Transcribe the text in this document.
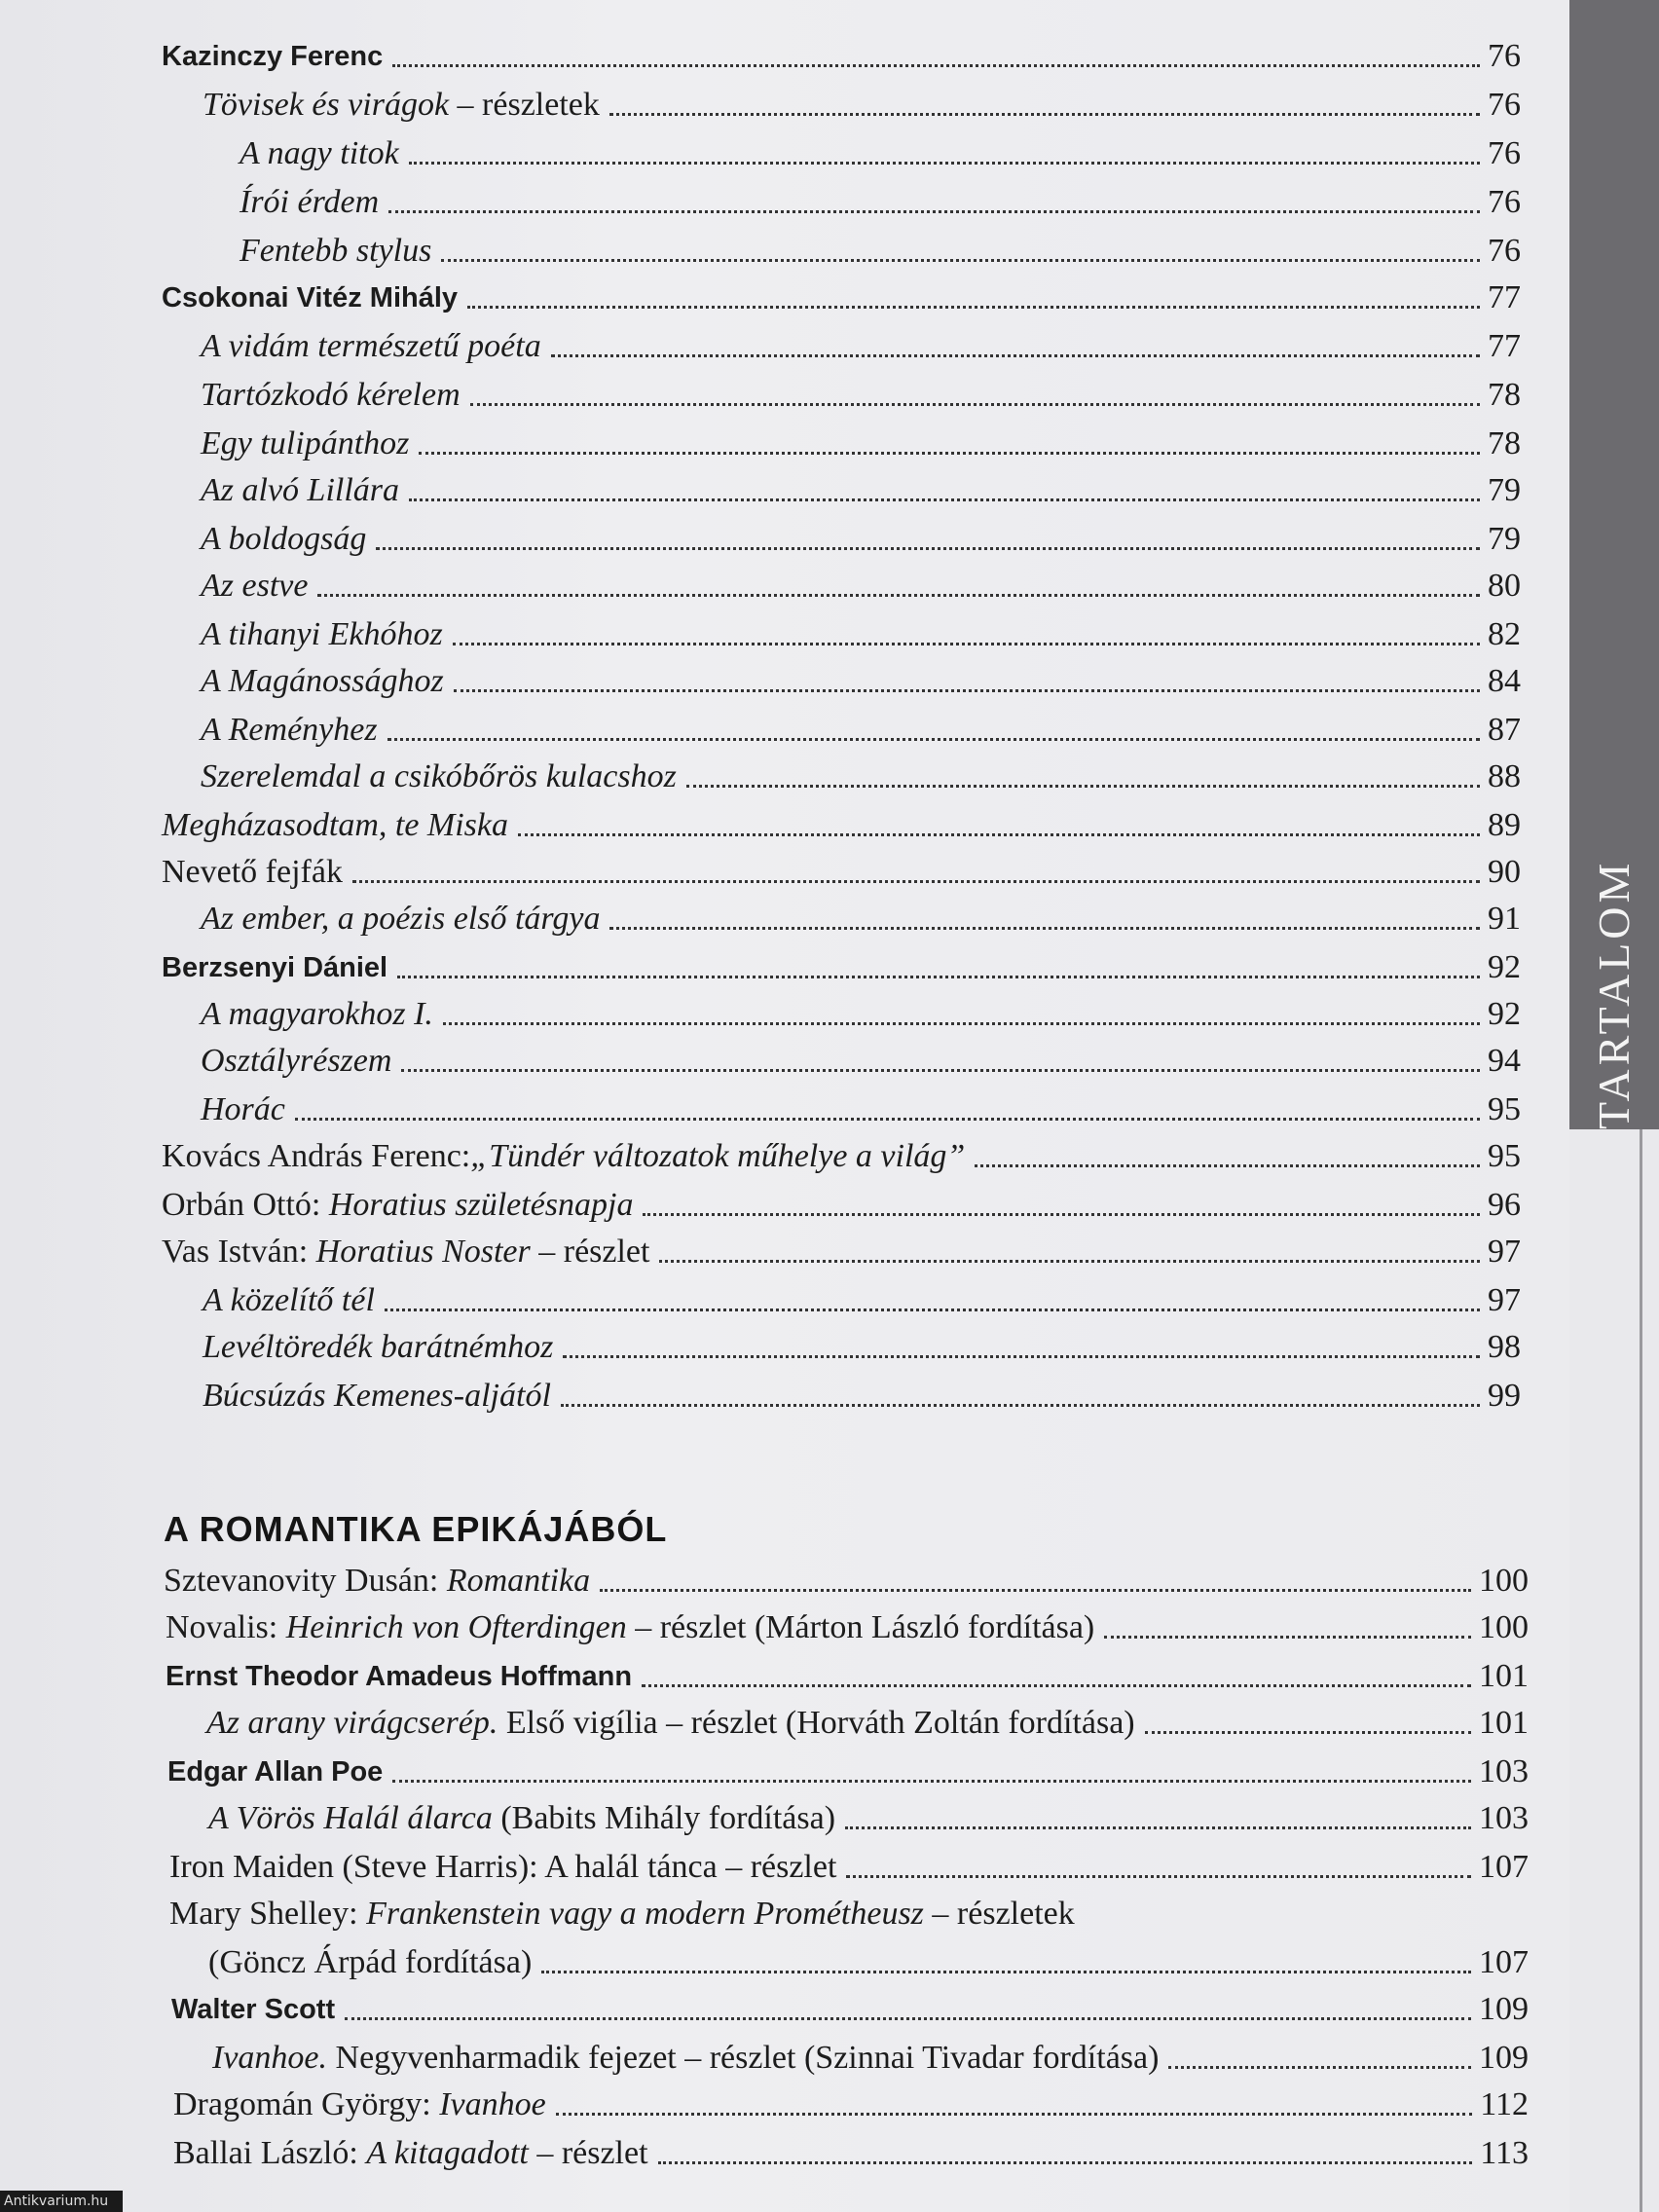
TARTALOM
Kazinczy Ferenc	76
Tövisek és virágok – részletek	76
A nagy titok	76
Írói érdem	76
Fentebb stylus	76
Csokonai Vitéz Mihály	77
A vidám természetű poéta	77
Tartózkodó kérelem	78
Egy tulipánthoz	78
Az alvó Lillára	79
A boldogság	79
Az estve	80
A tihanyi Ekhóhoz	82
A Magánossághoz	84
A Reményhez	87
Szerelemdal a csikóbőrös kulacshoz	88
Megházasodtam, te Miska	89
Nevető fejfák	90
Az ember, a poézis első tárgya	91
Berzsenyi Dániel	92
A magyarokhoz I.	92
Osztályrészem	94
Horác	95
Kovács András Ferenc:„Tündér változatok műhelye a világ”	95
Orbán Ottó: Horatius születésnapja	96
Vas István: Horatius Noster – részlet	97
A közelítő tél	97
Levéltöredék barátnémhoz	98
Búcsúzás Kemenes-aljától	99
A ROMANTIKA EPIKÁJÁBÓL
Sztevanovity Dusán: Romantika	100
Novalis: Heinrich von Ofterdingen – részlet (Márton László fordítása)	100
Ernst Theodor Amadeus Hoffmann	101
Az arany virágcserép. Első vigília – részlet (Horváth Zoltán fordítása)	101
Edgar Allan Poe	103
A Vörös Halál álarca (Babits Mihály fordítása)	103
Iron Maiden (Steve Harris): A halál tánca – részlet	107
Mary Shelley: Frankenstein vagy a modern Prométheusz – részletek
(Göncz Árpád fordítása)	107
Walter Scott	109
Ivanhoe. Negyvenharmadik fejezet – részlet (Szinnai Tivadar fordítása)	109
Dragomán György: Ivanhoe	112
Ballai László: A kitagadott – részlet	113
Antikvarium.hu
